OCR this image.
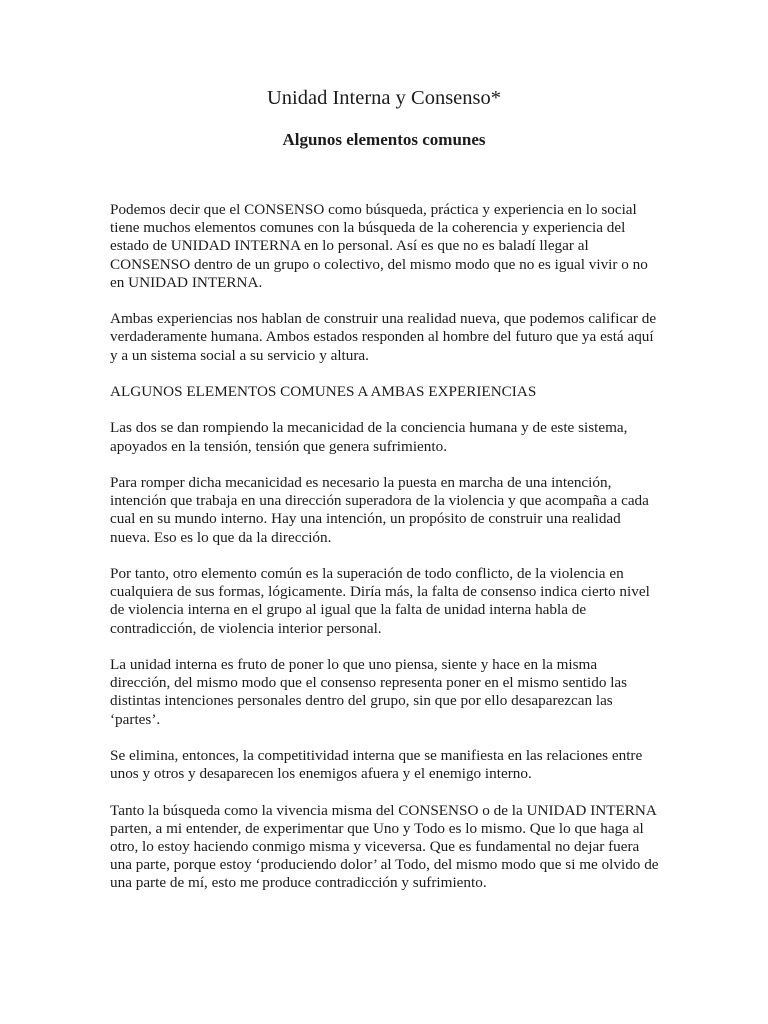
Unidad Interna y Consenso*
Algunos elementos comunes

Podemos decir que el CONSENSO como búsqueda, práctica y experiencia en lo social tiene muchos elementos comunes con la búsqueda de la coherencia y experiencia del estado de UNIDAD INTERNA en lo personal. Así es que no es baladí llegar al CONSENSO dentro de un grupo o colectivo, del mismo modo que no es igual vivir o no en UNIDAD INTERNA.

Ambas experiencias nos hablan de construir una realidad nueva, que podemos calificar de verdaderamente humana. Ambos estados responden al hombre del futuro que ya está aquí y a un sistema social a su servicio y altura.

ALGUNOS ELEMENTOS COMUNES A AMBAS EXPERIENCIAS

Las dos se dan rompiendo la mecanicidad de la conciencia humana y de este sistema, apoyados en la tensión, tensión que genera sufrimiento.

Para romper dicha mecanicidad es necesario la puesta en marcha de una intención, intención que trabaja en una dirección superadora de la violencia y que acompaña a cada cual en su mundo interno. Hay una intención, un propósito de construir una realidad nueva. Eso es lo que da la dirección.

Por tanto, otro elemento común es la superación de todo conflicto, de la violencia en cualquiera de sus formas, lógicamente. Diría más, la falta de consenso indica cierto nivel de violencia interna en el grupo al igual que la falta de unidad interna habla de contradicción, de violencia interior personal.

La unidad interna es fruto de poner lo que uno piensa, siente y hace en la misma dirección, del mismo modo que el consenso representa poner en el mismo sentido las distintas intenciones personales dentro del grupo, sin que por ello desaparezcan las ‘partes’.

Se elimina, entonces, la competitividad interna que se manifiesta en las relaciones entre unos y otros y desaparecen los enemigos afuera y el enemigo interno.

Tanto la búsqueda como la vivencia misma del CONSENSO o de la UNIDAD INTERNA parten, a mi entender, de experimentar que Uno y Todo es lo mismo. Que lo que haga al otro, lo estoy haciendo conmigo misma y viceversa. Que es fundamental no dejar fuera una parte, porque estoy ‘produciendo dolor’ al Todo, del mismo modo que si me olvido de una parte de mí, esto me produce contradicción y sufrimiento.
